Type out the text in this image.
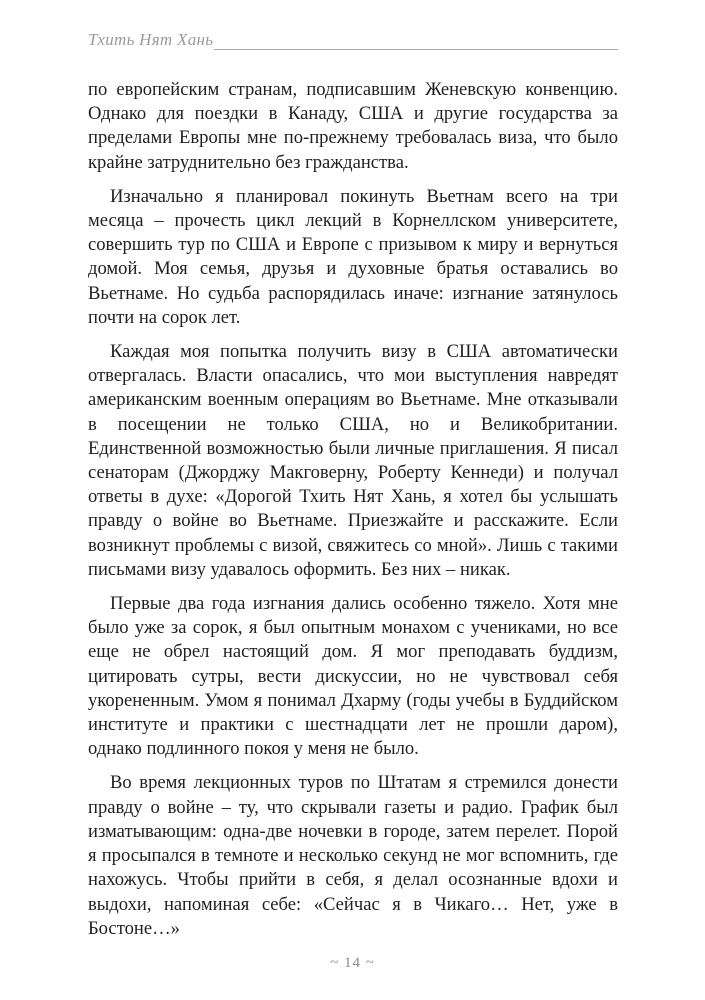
Тхить Нят Хань

по европейским странам, подписавшим Женевскую конвенцию. Однако для поездки в Канаду, США и другие государства за пределами Европы мне по-прежнему требовалась виза, что было крайне затруднительно без гражданства.

Изначально я планировал покинуть Вьетнам всего на три месяца – прочесть цикл лекций в Корнеллском университете, совершить тур по США и Европе с призывом к миру и вернуться домой. Моя семья, друзья и духовные братья оставались во Вьетнаме. Но судьба распорядилась иначе: изгнание затянулось почти на сорок лет.

Каждая моя попытка получить визу в США автоматически отвергалась. Власти опасались, что мои выступления навредят американским военным операциям во Вьетнаме. Мне отказывали в посещении не только США, но и Великобритании. Единственной возможностью были личные приглашения. Я писал сенаторам (Джорджу Макговерну, Роберту Кеннеди) и получал ответы в духе: «Дорогой Тхить Нят Хань, я хотел бы услышать правду о войне во Вьетнаме. Приезжайте и расскажите. Если возникнут проблемы с визой, свяжитесь со мной». Лишь с такими письмами визу удавалось оформить. Без них – никак.

Первые два года изгнания дались особенно тяжело. Хотя мне было уже за сорок, я был опытным монахом с учениками, но все еще не обрел настоящий дом. Я мог преподавать буддизм, цитировать сутры, вести дискуссии, но не чувствовал себя укорененным. Умом я понимал Дхарму (годы учебы в Буддийском институте и практики с шестнадцати лет не прошли даром), однако подлинного покоя у меня не было.

Во время лекционных туров по Штатам я стремился донести правду о войне – ту, что скрывали газеты и радио. График был изматывающим: одна-две ночевки в городе, затем перелет. Порой я просыпался в темноте и несколько секунд не мог вспомнить, где нахожусь. Чтобы прийти в себя, я делал осознанные вдохи и выдохи, напоминая себе: «Сейчас я в Чикаго… Нет, уже в Бостоне…»

~ 14 ~
